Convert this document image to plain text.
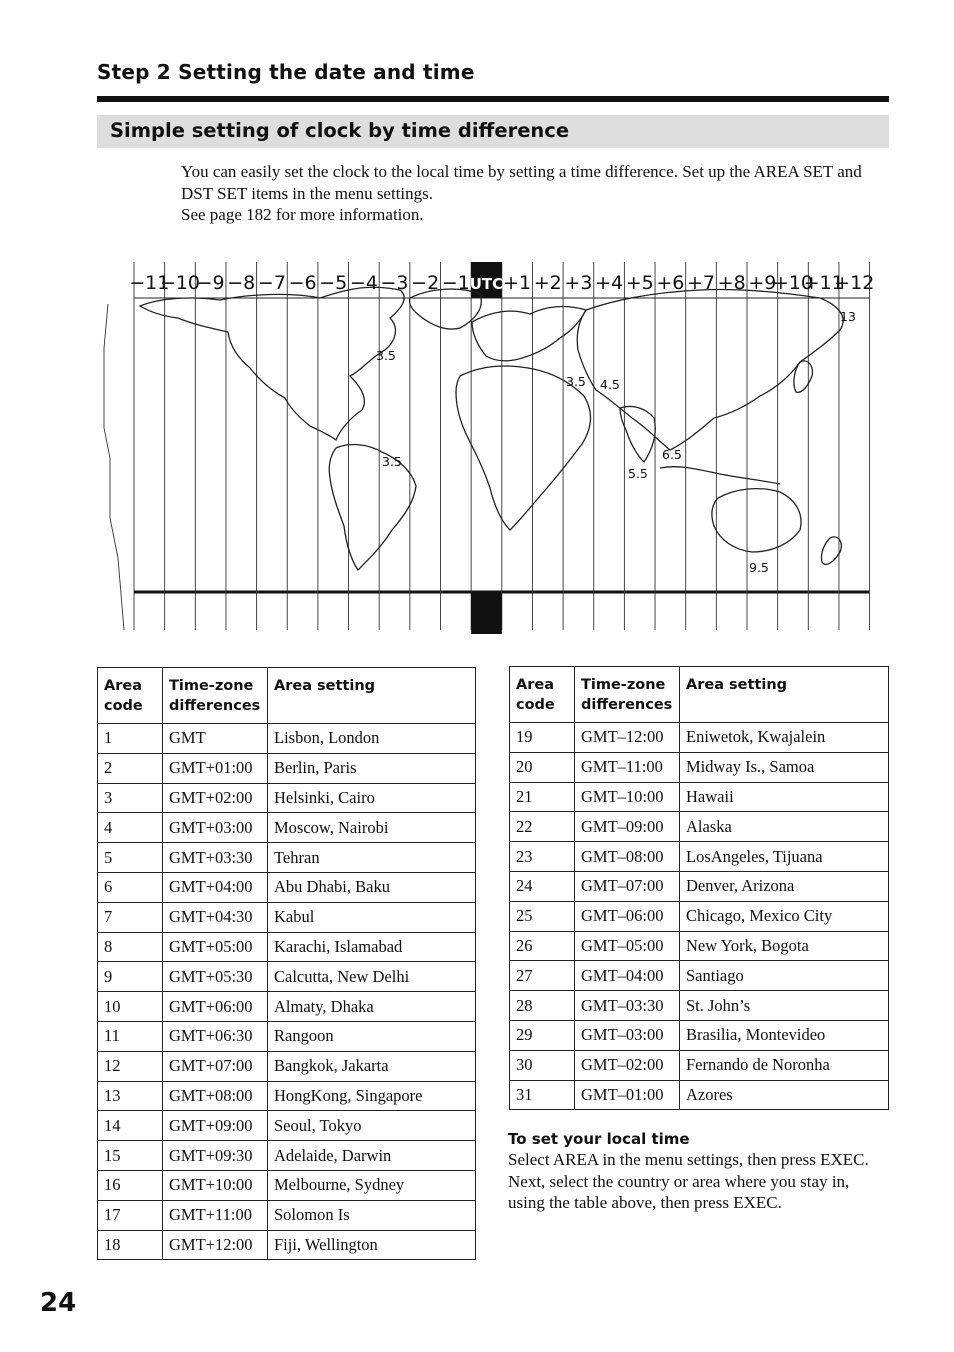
Step 2 Setting the date and time
Simple setting of clock by time difference

You can easily set the clock to the local time by setting a time difference. Set up the AREA SET and DST SET items in the menu settings.

See page 182 for more information.

−11
−10
−9 −8 −7 −6 −5 −4 −3 −2 −1 UTC +1 +2 +3 +4 +5 +6 +7 +8 +9
+10
+11
+12
13
3.5
3.5
3.5
4.5
5.5
6.5
9.5
Area code	Time-zone differences	Area setting
1	GMT	Lisbon, London
2	GMT+01:00	Berlin, Paris
3	GMT+02:00	Helsinki, Cairo
4	GMT+03:00	Moscow, Nairobi
5	GMT+03:30	Tehran
6	GMT+04:00	Abu Dhabi, Baku
7	GMT+04:30	Kabul
8	GMT+05:00	Karachi, Islamabad
9	GMT+05:30	Calcutta, New Delhi
10	GMT+06:00	Almaty, Dhaka
11	GMT+06:30	Rangoon
12	GMT+07:00	Bangkok, Jakarta
13	GMT+08:00	HongKong, Singapore
14	GMT+09:00	Seoul, Tokyo
15	GMT+09:30	Adelaide, Darwin
16	GMT+10:00	Melbourne, Sydney
17	GMT+11:00	Solomon Is
18	GMT+12:00	Fiji, Wellington
Area code	Time-zone differences	Area setting
19	GMT–12:00	Eniwetok, Kwajalein
20	GMT–11:00	Midway Is., Samoa
21	GMT–10:00	Hawaii
22	GMT–09:00	Alaska
23	GMT–08:00	LosAngeles, Tijuana
24	GMT–07:00	Denver, Arizona
25	GMT–06:00	Chicago, Mexico City
26	GMT–05:00	New York, Bogota
27	GMT–04:00	Santiago
28	GMT–03:30	St. John’s
29	GMT–03:00	Brasilia, Montevideo
30	GMT–02:00	Fernando de Noronha
31	GMT–01:00	Azores
To set your local time

Select AREA in the menu settings, then press EXEC. Next, select the country or area where you stay in, using the table above, then press EXEC.

24
